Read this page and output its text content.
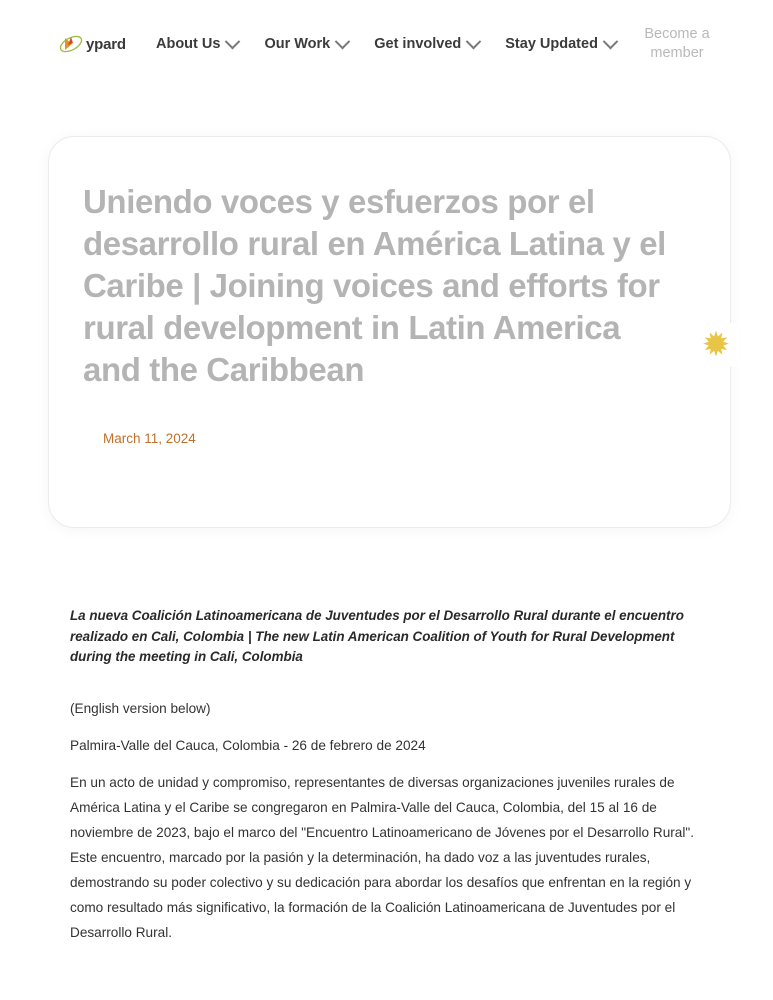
ypard About Us	Our Work	Get involved	Stay Updated
Become a member
Uniendo voces y esfuerzos por el desarrollo rural en América Latina y el Caribe | Joining voices and efforts for rural development in Latin America and the Caribbean
March 11, 2024
✹

La nueva Coalición Latinoamericana de Juventudes por el Desarrollo Rural durante el encuentro realizado en Cali, Colombia | The new Latin American Coalition of Youth for Rural Development during the meeting in Cali, Colombia

(English version below)

Palmira-Valle del Cauca, Colombia - 26 de febrero de 2024

En un acto de unidad y compromiso, representantes de diversas organizaciones juveniles rurales de América Latina y el Caribe se congregaron en Palmira-Valle del Cauca, Colombia, del 15 al 16 de noviembre de 2023, bajo el marco del "Encuentro Latinoamericano de Jóvenes por el Desarrollo Rural". Este encuentro, marcado por la pasión y la determinación, ha dado voz a las juventudes rurales, demostrando su poder colectivo y su dedicación para abordar los desafíos que enfrentan en la región y como resultado más significativo, la formación de la Coalición Latinoamericana de Juventudes por el Desarrollo Rural.
